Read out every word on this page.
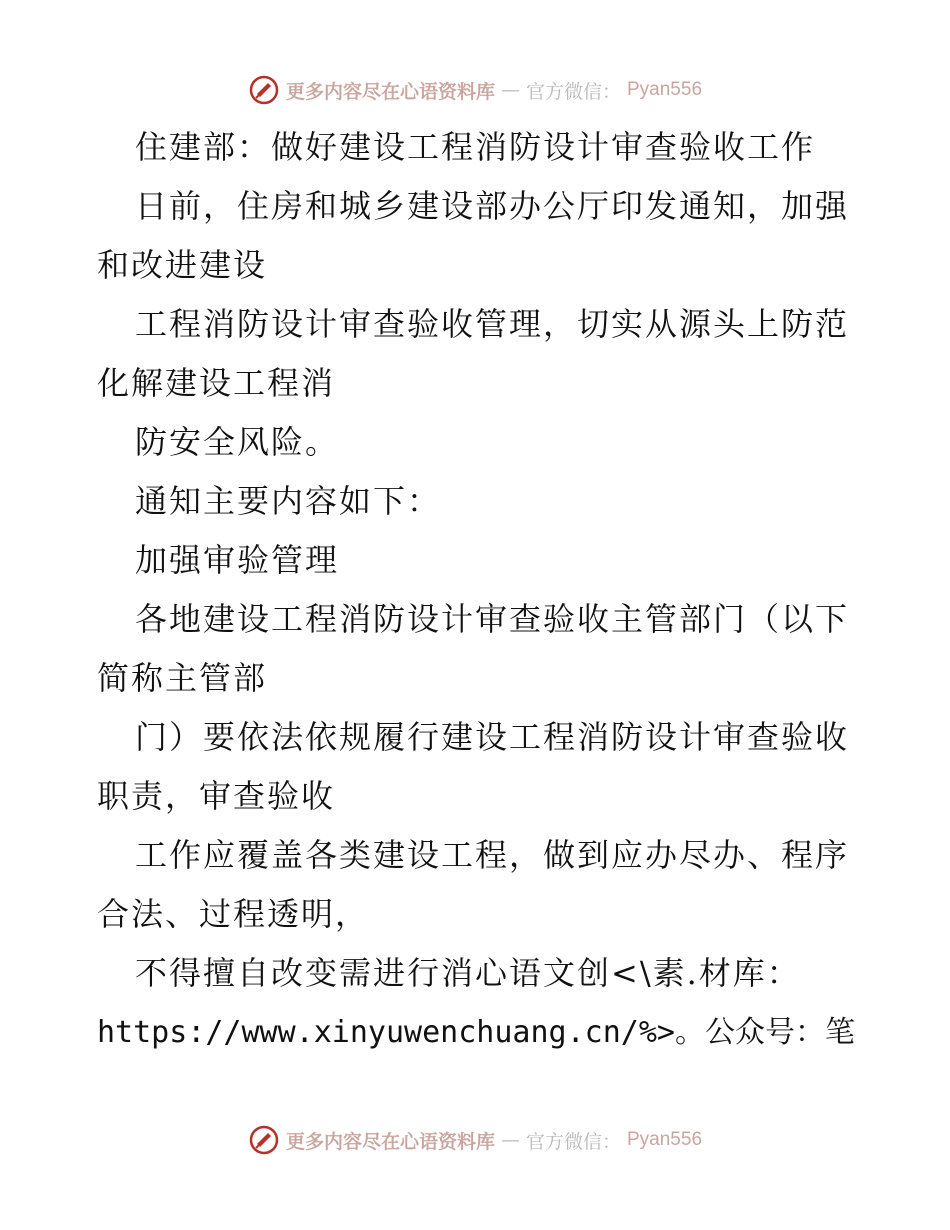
更多内容尽在心语资料库 — 官方微信： Pyan556
住建部：做好建设工程消防设计审查验收工作
日前，住房和城乡建设部办公厅印发通知，加强
和改进建设
工程消防设计审查验收管理，切实从源头上防范
化解建设工程消
防安全风险。
通知主要内容如下：
加强审验管理
各地建设工程消防设计审查验收主管部门（以下
简称主管部
门）要依法依规履行建设工程消防设计审查验收
职责，审查验收
工作应覆盖各类建设工程，做到应办尽办、程序
合法、过程透明，
不得擅自改变需进行消心语文创<\素.材库：
https://www.xinyuwenchuang.cn/%>。公众号：笔
更多内容尽在心语资料库 — 官方微信： Pyan556
